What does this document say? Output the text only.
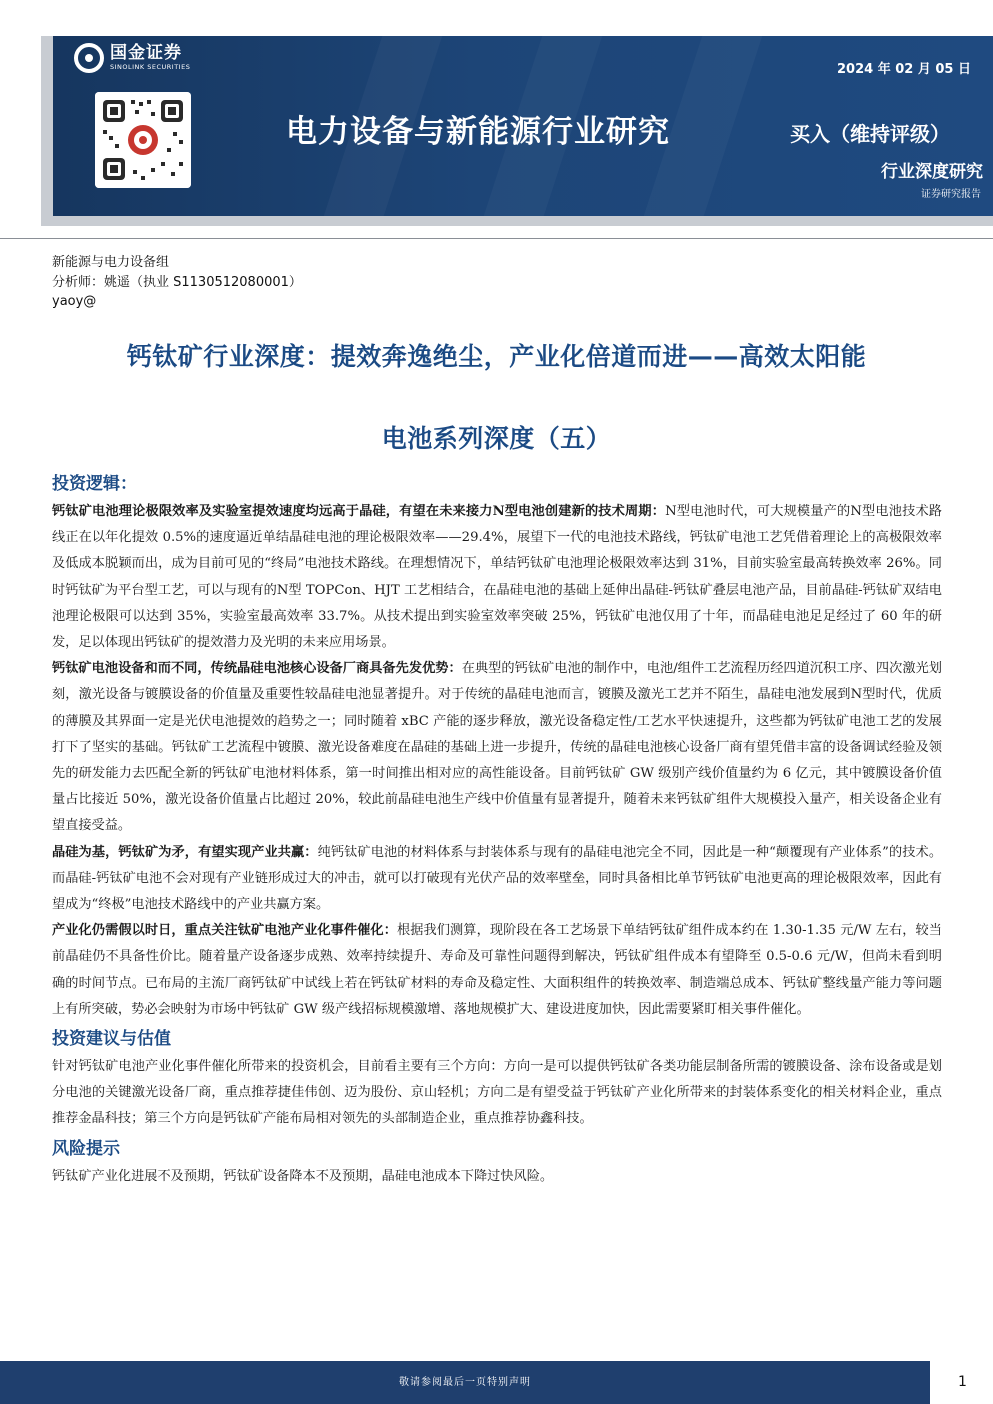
国金证券
SINOLINK SECURITIES	2024 年 02 月 05 日
电力设备与新能源行业研究	买入（维持评级）
行业深度研究
证券研究报告
新能源与电力设备组
分析师：姚遥（执业 S1130512080001）
yaoy@
钙钛矿行业深度：提效奔逸绝尘，产业化倍道而进——高效太阳能
电池系列深度（五）
投资逻辑：

钙钛矿电池理论极限效率及实验室提效速度均远高于晶硅，有望在未来接力N型电池创建新的技术周期：N型电池时代，可大规模量产的N型电池技术路线正在以年化提效 0.5%的速度逼近单结晶硅电池的理论极限效率——29.4%，展望下一代的电池技术路线，钙钛矿电池工艺凭借着理论上的高极限效率及低成本脱颖而出，成为目前可见的“终局”电池技术路线。在理想情况下，单结钙钛矿电池理论极限效率达到 31%，目前实验室最高转换效率 26%。同时钙钛矿为平台型工艺，可以与现有的N型 TOPCon、HJT 工艺相结合，在晶硅电池的基础上延伸出晶硅-钙钛矿叠层电池产品，目前晶硅-钙钛矿双结电池理论极限可以达到 35%，实验室最高效率 33.7%。从技术提出到实验室效率突破 25%，钙钛矿电池仅用了十年，而晶硅电池足足经过了 60 年的研发，足以体现出钙钛矿的提效潜力及光明的未来应用场景。

钙钛矿电池设备和而不同，传统晶硅电池核心设备厂商具备先发优势：在典型的钙钛矿电池的制作中，电池/组件工艺流程历经四道沉积工序、四次激光划刻，激光设备与镀膜设备的价值量及重要性较晶硅电池显著提升。对于传统的晶硅电池而言，镀膜及激光工艺并不陌生，晶硅电池发展到N型时代，优质的薄膜及其界面一定是光伏电池提效的趋势之一；同时随着 xBC 产能的逐步释放，激光设备稳定性/工艺水平快速提升，这些都为钙钛矿电池工艺的发展打下了坚实的基础。钙钛矿工艺流程中镀膜、激光设备难度在晶硅的基础上进一步提升，传统的晶硅电池核心设备厂商有望凭借丰富的设备调试经验及领先的研发能力去匹配全新的钙钛矿电池材料体系，第一时间推出相对应的高性能设备。目前钙钛矿 GW 级别产线价值量约为 6 亿元，其中镀膜设备价值量占比接近 50%，激光设备价值量占比超过 20%，较此前晶硅电池生产线中价值量有显著提升，随着未来钙钛矿组件大规模投入量产，相关设备企业有望直接受益。

晶硅为基，钙钛矿为矛，有望实现产业共赢：纯钙钛矿电池的材料体系与封装体系与现有的晶硅电池完全不同，因此是一种“颠覆现有产业体系”的技术。而晶硅-钙钛矿电池不会对现有产业链形成过大的冲击，就可以打破现有光伏产品的效率壁垒，同时具备相比单节钙钛矿电池更高的理论极限效率，因此有望成为“终极”电池技术路线中的产业共赢方案。

产业化仍需假以时日，重点关注钛矿电池产业化事件催化：根据我们测算，现阶段在各工艺场景下单结钙钛矿组件成本约在 1.30-1.35 元/W 左右，较当前晶硅仍不具备性价比。随着量产设备逐步成熟、效率持续提升、寿命及可靠性问题得到解决，钙钛矿组件成本有望降至 0.5-0.6 元/W，但尚未看到明确的时间节点。已布局的主流厂商钙钛矿中试线上若在钙钛矿材料的寿命及稳定性、大面积组件的转换效率、制造端总成本、钙钛矿整线量产能力等问题上有所突破，势必会映射为市场中钙钛矿 GW 级产线招标规模激增、落地规模扩大、建设进度加快，因此需要紧盯相关事件催化。

投资建议与估值

针对钙钛矿电池产业化事件催化所带来的投资机会，目前看主要有三个方向：方向一是可以提供钙钛矿各类功能层制备所需的镀膜设备、涂布设备或是划分电池的关键激光设备厂商，重点推荐捷佳伟创、迈为股份、京山轻机；方向二是有望受益于钙钛矿产业化所带来的封装体系变化的相关材料企业，重点推荐金晶科技；第三个方向是钙钛矿产能布局相对领先的头部制造企业，重点推荐协鑫科技。

风险提示

钙钛矿产业化进展不及预期，钙钛矿设备降本不及预期，晶硅电池成本下降过快风险。

敬请参阅最后一页特别声明	1
